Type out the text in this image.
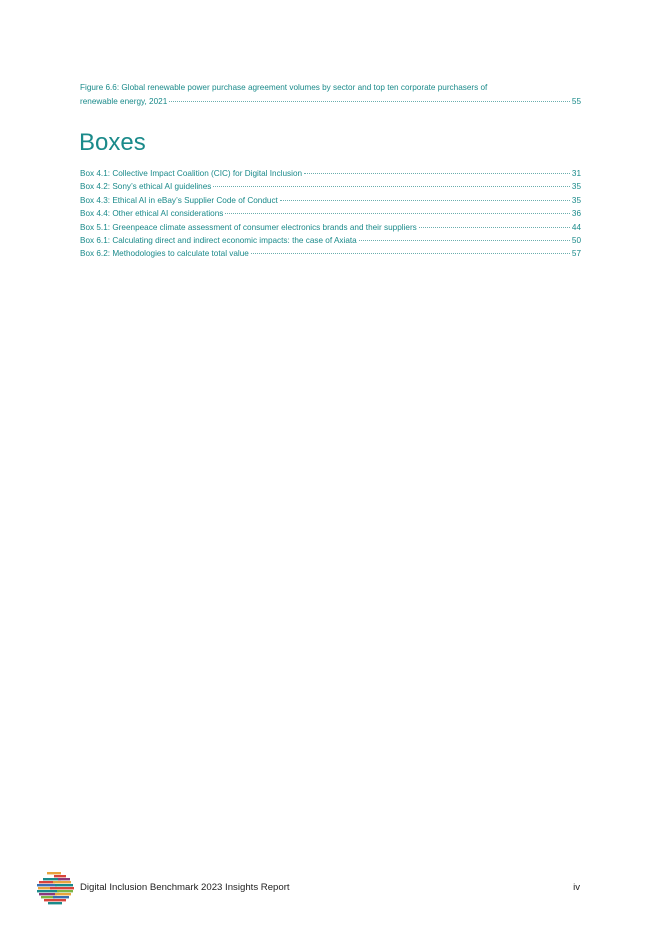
Figure 6.6: Global renewable power purchase agreement volumes by sector and top ten corporate purchasers of
renewable energy, 2021	55
Boxes
Box 4.1: Collective Impact Coalition (CIC) for Digital Inclusion	31
Box 4.2: Sony’s ethical AI guidelines	35
Box 4.3: Ethical AI in eBay’s Supplier Code of Conduct	35
Box 4.4: Other ethical AI considerations	36
Box 5.1: Greenpeace climate assessment of consumer electronics brands and their suppliers	44
Box 6.1: Calculating direct and indirect economic impacts: the case of Axiata	50
Box 6.2: Methodologies to calculate total value	57
Digital Inclusion Benchmark 2023 Insights Report	iv
